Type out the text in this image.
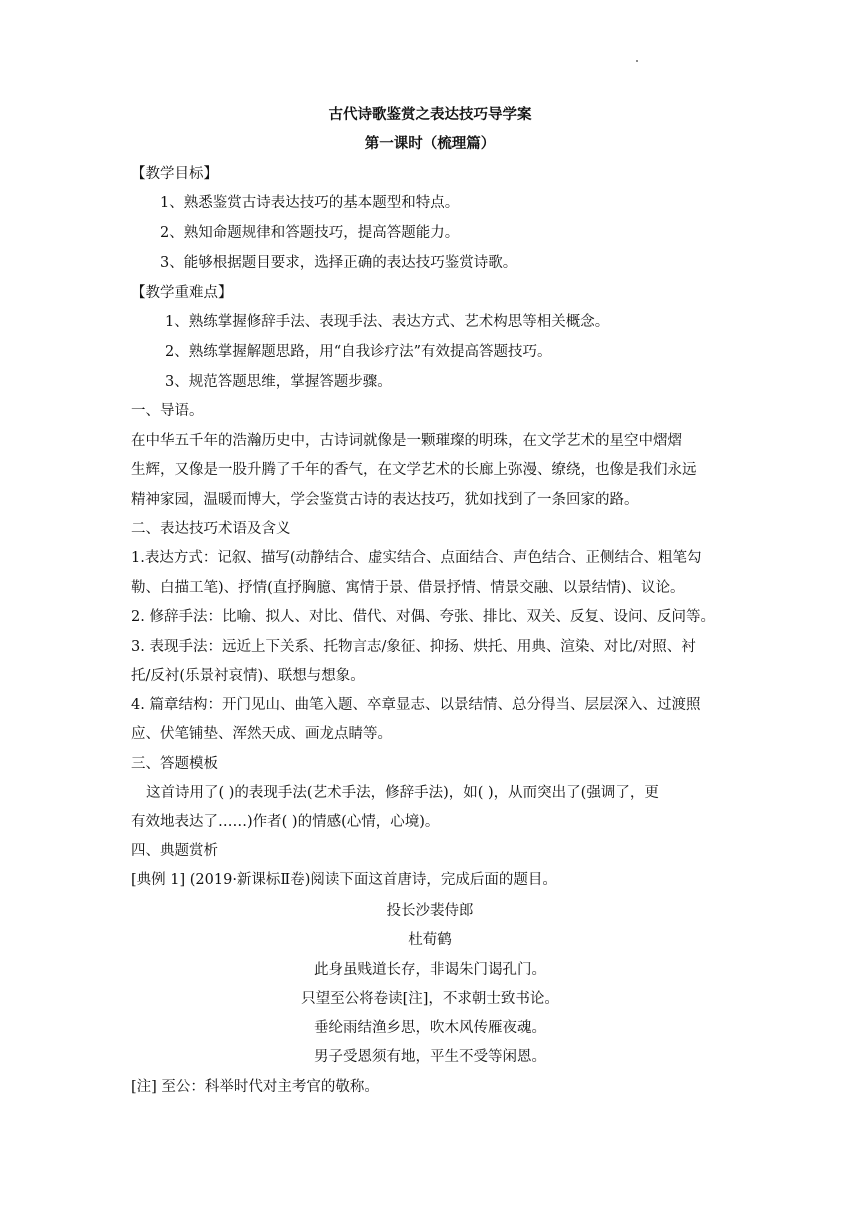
古代诗歌鉴赏之表达技巧导学案
第一课时（梳理篇）
【教学目标】
1、熟悉鉴赏古诗表达技巧的基本题型和特点。
2、熟知命题规律和答题技巧，提高答题能力。
3、能够根据题目要求，选择正确的表达技巧鉴赏诗歌。
【教学重难点】
1、熟练掌握修辞手法、表现手法、表达方式、艺术构思等相关概念。
2、熟练掌握解题思路，用“自我诊疗法”有效提高答题技巧。
3、规范答题思维，掌握答题步骤。
一、导语。
在中华五千年的浩瀚历史中，古诗词就像是一颗璀璨的明珠，在文学艺术的星空中熠熠
生辉，又像是一股升腾了千年的香气，在文学艺术的长廊上弥漫、缭绕，也像是我们永远
精神家园，温暖而博大，学会鉴赏古诗的表达技巧，犹如找到了一条回家的路。
二、表达技巧术语及含义
1.表达方式：记叙、描写(动静结合、虚实结合、点面结合、声色结合、正侧结合、粗笔勾
勒、白描工笔)、抒情(直抒胸臆、寓情于景、借景抒情、情景交融、以景结情)、议论。
2. 修辞手法：比喻、拟人、对比、借代、对偶、夸张、排比、双关、反复、设问、反问等。
3. 表现手法：远近上下关系、托物言志/象征、抑扬、烘托、用典、渲染、对比/对照、衬
托/反衬(乐景衬哀情)、联想与想象。
4. 篇章结构：开门见山、曲笔入题、卒章显志、以景结情、总分得当、层层深入、过渡照
应、伏笔铺垫、浑然天成、画龙点睛等。
三、答题模板
这首诗用了( )的表现手法(艺术手法，修辞手法)，如( )，从而突出了(强调了，更
有效地表达了……)作者( )的情感(心情，心境)。
四、典题赏析
[典例 1] (2019·新课标Ⅱ卷)阅读下面这首唐诗，完成后面的题目。
投长沙裴侍郎
杜荀鹤
此身虽贱道长存，非谒朱门谒孔门。
只望至公将卷读[注]，不求朝士致书论。
垂纶雨结渔乡思，吹木风传雁夜魂。
男子受恩须有地，平生不受等闲恩。
[注] 至公：科举时代对主考官的敬称。
